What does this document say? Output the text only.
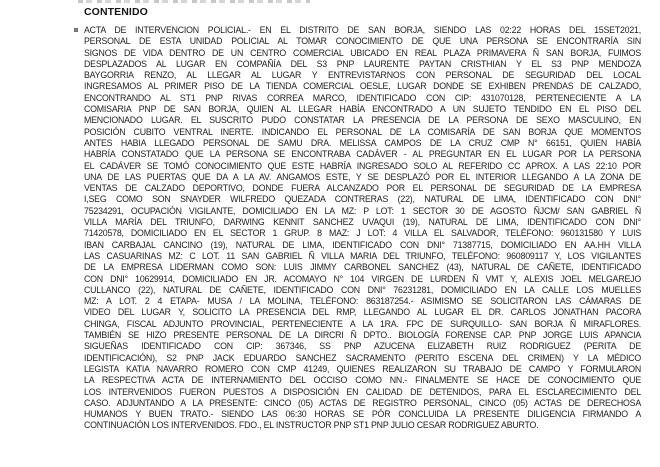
CONTENIDO
ACTA DE INTERVENCION POLICIAL.- EN EL DISTRITO DE SAN BORJA, SIENDO LAS 02:22 HORAS DEL 15SET2021,
PERSONAL DE ESTA UNIDAD POLICIAL AL TOMAR CONOCIMIENTO DE QUE UNA PERSONA SE ENCONTRARÍA SIN
SIGNOS DE VIDA DENTRO DE UN CENTRO COMERCIAL UBICADO EN REAL PLAZA PRIMAVERA Ñ SAN BORJA, FUIMOS
DESPLAZADOS AL LUGAR EN COMPAÑÍA DEL S3 PNP LAURENTE PAYTAN CRISTHIAN Y EL S3 PNP MENDOZA
BAYGORRIA RENZO, AL LLEGAR AL LUGAR Y ENTREVISTARNOS CON PERSONAL DE SEGURIDAD DEL LOCAL
INGRESAMOS AL PRIMER PISO DE LA TIENDA COMERCIAL OESLE, LUGAR DONDE SE EXHIBEN PRENDAS DE CALZADO,
ENCONTRANDO AL ST1 PNP RIVAS CORREA MARCO, IDENTIFICADO CON CIP: 431070128, PERTENECIENTE A LA
COMISARIA PNP DE SAN BORJA, QUIEN AL LLEGAR HABÍA ENCONTRADO A UN SUJETO TENDIDO EN EL PISO DEL
MENCIONADO LUGAR. EL SUSCRITO PUDO CONSTATAR LA PRESENCIA DE LA PERSONA DE SEXO MASCULINO, EN
POSICIÓN CUBITO VENTRAL INERTE. INDICANDO EL PERSONAL DE LA COMISARÍA DE SAN BORJA QUE MOMENTOS
ANTES HABIA LLEGADO PERSONAL DE SAMU DRA. MELISSA CAMPOS DE LA CRUZ CMP N° 66151, QUIEN HABÍA
HABRÍA CONSTATADO QUE LA PERSONA SE ENCONTRABA CADÁVER - AL PREGUNTAR EN EL LUGAR POR LA PERSONA
EL CADÁVER SE TOMÓ CONOCIMIENTO QUE ESTE HABRÍA INGRESADO SOLO AL REFERIDO CC APROX. A LAS 22:10 POR
UNA DE LAS PUERTAS QUE DA A LA AV. ANGAMOS ESTE, Y SE DESPLAZÓ POR EL INTERIOR LLEGANDO A LA ZONA DE
VENTAS DE CALZADO DEPORTIVO, DONDE FUERA ALCANZADO POR EL PERSONAL DE SEGURIDAD DE LA EMPRESA
I,SEG COMO SON SNAYDER WILFREDO QUEZADA CONTRERAS (22), NATURAL DE LIMA, IDENTIFICADO CON DNI°
75234291, OCUPACIÓN VIGILANTE, DOMICILIADO EN LA MZ: P LOT: 1 SECTOR 30 DE AGOSTO ÑJCM/ SAN GABRIEL Ñ
VILLA MARÍA DEL TRIUNFO, DARWING KENNIT SANCHEZ UVAQUI (19), NATURAL DE LIMA, IDENTIFICADO CON DNI°
71420578, DOMICILIADO EN EL SECTOR 1 GRUP. 8 MAZ: J LOT: 4 VILLA EL SALVADOR, TELÉFONO: 960131580 Y LUIS
IBAN CARBAJAL CANCINO (19), NATURAL DE LIMA, IDENTIFICADO CON DNI° 71387715, DOMICILIADO EN AA.HH VILLA
LAS CASUARINAS MZ: C LOT. 11 SAN GABRIEL Ñ VILLA MARIA DEL TRIUNFO, TELÉFONO: 960809117 Y, LOS VIGILANTES
DE LA EMPRESA LIDERMAN COMO SON: LUIS JIMMY CARBONEL SANCHEZ (43), NATURAL DE CAÑETE, IDENTIFICADO
CON DNI° 10629914, DOMICILIADO EN JR. ACOMAYO N° 104 VIRGEN DE LURDEN Ñ VMT Y, ALEXIS JOEL MELGAREJO
CULLANCO (22), NATURAL DE CAÑETE, IDENTIFICADO CON DNI° 76231281, DOMICILIADO EN LA CALLE LOS MUELLES
MZ: A LOT. 2 4 ETAPA- MUSA / LA MOLINA, TELÉFONO: 863187254.- ASIMISMO SE SOLICITARON LAS CÁMARAS DE
VIDEO DEL LUGAR Y, SOLICITO LA PRESENCIA DEL RMP, LLEGANDO AL LUGAR EL DR. CARLOS JONATHAN PACORA
CHINGA, FISCAL ADJUNTO PROVINCIAL, PERTENECIENTE A LA 1RA. FPC DE SURQUILLO- SAN BORJA Ñ MIRAFLORES.
TAMBIÉN SE HIZO PRESENTE PERSONAL DE LA DIRCRI Ñ DPTO.. BIOLOGÍA FORENSE CAP. PNP JORGE LUIS APANCIA
SIGUEÑAS IDENTIFICADO CON CIP: 367346, SS PNP AZUCENA ELIZABETH RUIZ RODRIGUEZ (PERITA DE
IDENTIFICACIÓN), S2 PNP JACK EDUARDO SANCHEZ SACRAMENTO (PERITO ESCENA DEL CRIMEN) Y LA MÉDICO
LEGISTA KATIA NAVARRO ROMERO CON CMP 41249, QUIENES REALIZARON SU TRABAJO DE CAMPO Y FORMULARON
LA RESPECTIVA ACTA DE INTERNAMIENTO DEL OCCISO COMO NN.- FINALMENTE SE HACE DE CONOCIMIENTO QUE
LOS INTERVENIDOS FUERON PUESTOS A DISPOSICIÓN EN CALIDAD DE DETENIDOS, PARA EL ESCLARECIMIENTO DEL
CASO. ADJUNTANDO A LA PRESENTE: CINCO (05) ACTAS DE REGISTRO PERSONAL, CINCO (05) ACTAS DE DERECHOSA
HUMANOS Y BUEN TRATO.- SIENDO LAS 06:30 HORAS SE PÓR CONCLUIDA LA PRESENTE DILIGENCIA FIRMANDO A
CONTINUACIÓN LOS INTERVENIDOS. FDO., EL INSTRUCTOR PNP ST1 PNP JULIO CESAR RODRIGUEZ ABURTO.
